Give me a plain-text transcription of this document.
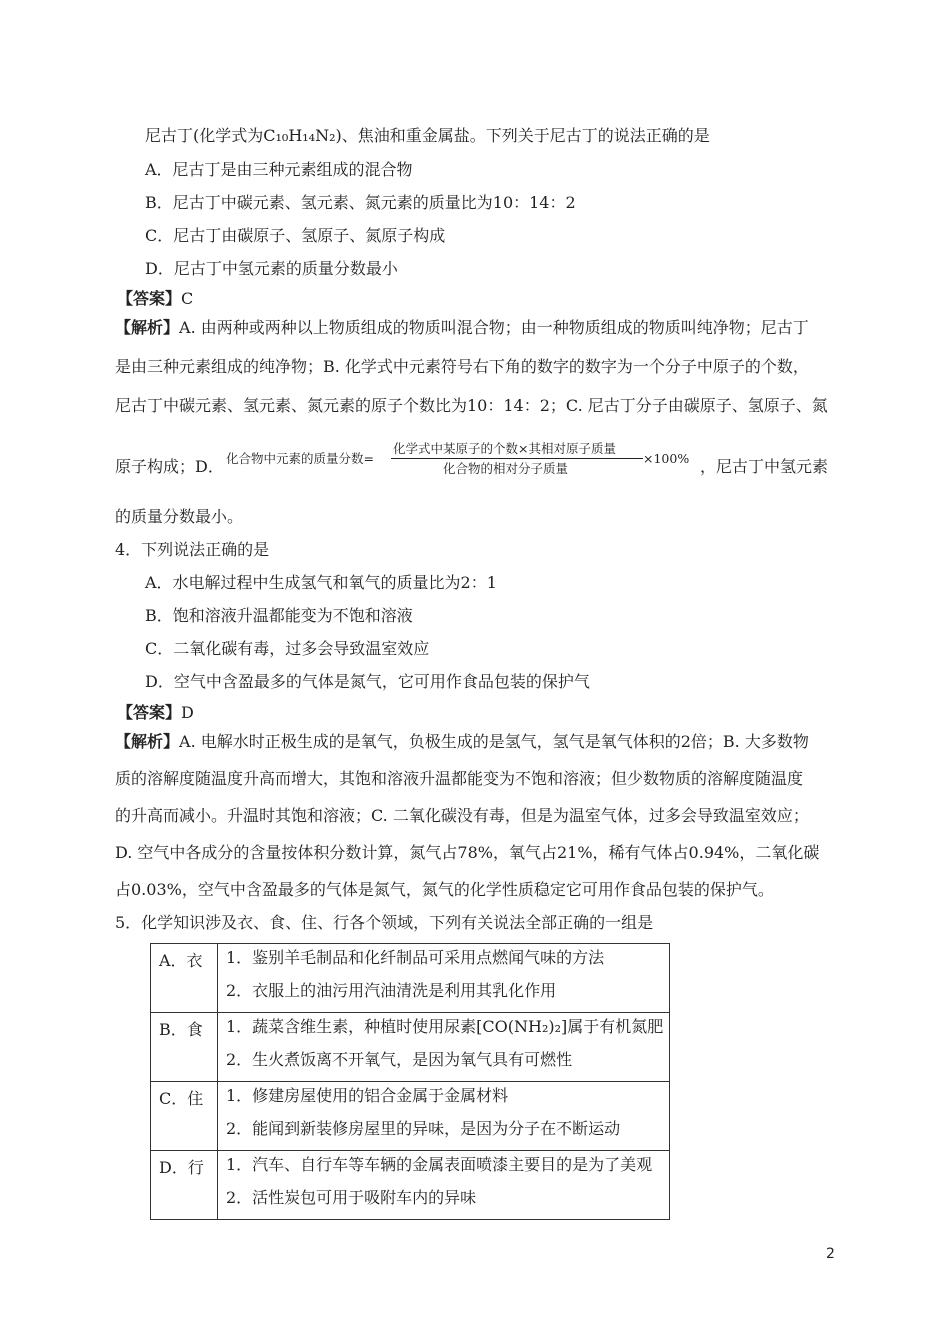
尼古丁(化学式为C₁₀H₁₄N₂)、焦油和重金属盐。下列关于尼古丁的说法正确的是
A．尼古丁是由三种元素组成的混合物
B．尼古丁中碳元素、氢元素、氮元素的质量比为10：14：2
C．尼古丁由碳原子、氢原子、氮原子构成
D．尼古丁中氢元素的质量分数最小
【答案】C
【解析】A. 由两种或两种以上物质组成的物质叫混合物；由一种物质组成的物质叫纯净物；尼古丁
是由三种元素组成的纯净物；B. 化学式中元素符号右下角的数字的数字为一个分子中原子的个数，
尼古丁中碳元素、氢元素、氮元素的原子个数比为10：14：2；C. 尼古丁分子由碳原子、氢原子、氮
原子构成；D． 化合物中元素的质量分数=
化学式中某原子的个数×其相对原子质量
化合物的相对分子质量
×100% ，尼古丁中氢元素
的质量分数最小。
4．下列说法正确的是
A．水电解过程中生成氢气和氧气的质量比为2：1
B．饱和溶液升温都能变为不饱和溶液
C．二氧化碳有毒，过多会导致温室效应
D．空气中含盈最多的气体是氮气，它可用作食品包装的保护气
【答案】D
【解析】A. 电解水时正极生成的是氧气，负极生成的是氢气，氢气是氧气体积的2倍；B. 大多数物
质的溶解度随温度升高而增大，其饱和溶液升温都能变为不饱和溶液；但少数物质的溶解度随温度
的升高而减小。升温时其饱和溶液；C. 二氧化碳没有毒，但是为温室气体，过多会导致温室效应；
D. 空气中各成分的含量按体积分数计算，氮气占78%，氧气占21%，稀有气体占0.94%，二氧化碳
占0.03%，空气中含盈最多的气体是氮气，氮气的化学性质稳定它可用作食品包装的保护气。
5．化学知识涉及衣、食、住、行各个领域，下列有关说法全部正确的一组是
A．衣	1．鉴别羊毛制品和化纤制品可采用点燃闻气味的方法
2．衣服上的油污用汽油清洗是利用其乳化作用

B．食	1．蔬菜含维生素，种植时使用尿素[CO(NH₂)₂]属于有机氮肥
2．生火煮饭离不开氧气，是因为氧气具有可燃性

C．住	1．修建房屋使用的铝合金属于金属材料
2．能闻到新装修房屋里的异味，是因为分子在不断运动

D．行	1．汽车、自行车等车辆的金属表面喷漆主要目的是为了美观
2．活性炭包可用于吸附车内的异味
2
